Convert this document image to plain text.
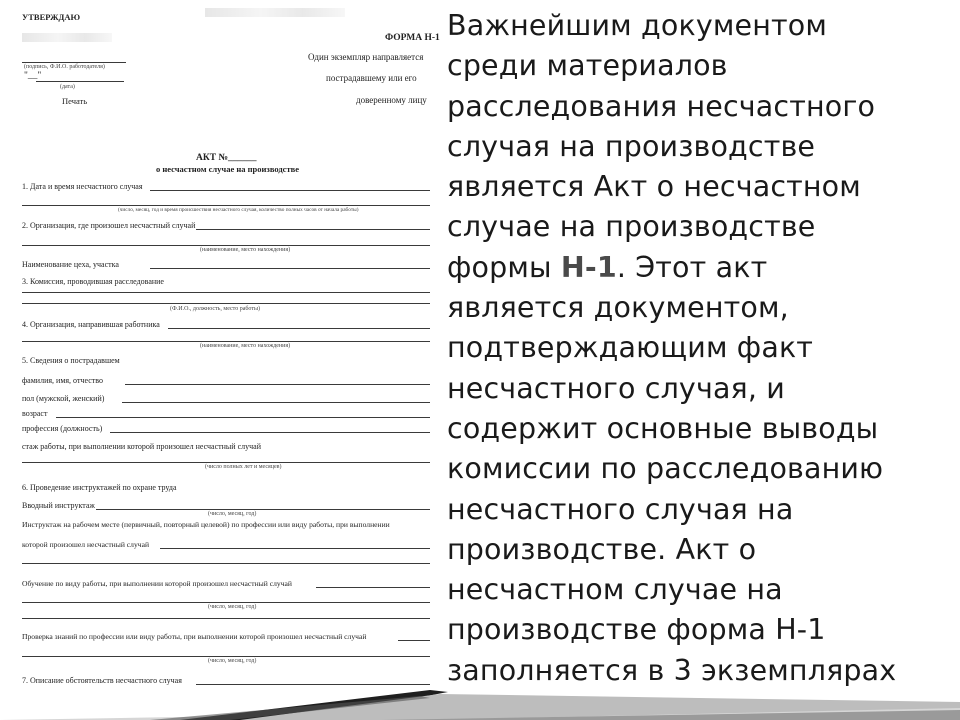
УТВЕРЖДАЮ
(подпись, Ф.И.О. работодателя)
"__"
(дата)
Печать
ФОРМА Н-1
Один экземпляр направляется
пострадавшему или его
доверенному лицу
АКТ №______
о несчастном случае на производстве
1. Дата и время несчастного случая
(число, месяц, год и время происшествия несчастного случая, количество полных часов от начала работы)
2. Организация, где произошел несчастный случай
(наименование, место нахождения)
Наименование цеха, участка
3. Комиссия, проводившая расследование
(Ф.И.О., должность, место работы)
4. Организация, направившая работника
(наименование, место нахождения)
5. Сведения о пострадавшем
фамилия, имя, отчество
пол (мужской, женский)
возраст
профессия (должность)
стаж работы, при выполнении которой произошел несчастный случай
(число полных лет и месяцев)
6. Проведение инструктажей по охране труда
Вводный инструктаж
(число, месяц, год)
Инструктаж на рабочем месте (первичный, повторный целевой) по профессии или виду работы, при выполнении
которой произошел несчастный случай
Обучение по виду работы, при выполнении которой произошел несчастный случай
(число, месяц, год)
Проверка знаний по профессии или виду работы, при выполнении которой произошел несчастный случай
(число, месяц, год)
7. Описание обстоятельств несчастного случая

Важнейшим документом
среди материалов
расследования несчастного
случая на производстве
является Акт о несчастном
случае на производстве
формы Н-1. Этот акт
является документом,
подтверждающим факт
несчастного случая, и
содержит основные выводы
комиссии по расследованию
несчастного случая на
производстве. Акт о
несчастном случае на
производстве форма Н-1
заполняется в 3 экземплярах
